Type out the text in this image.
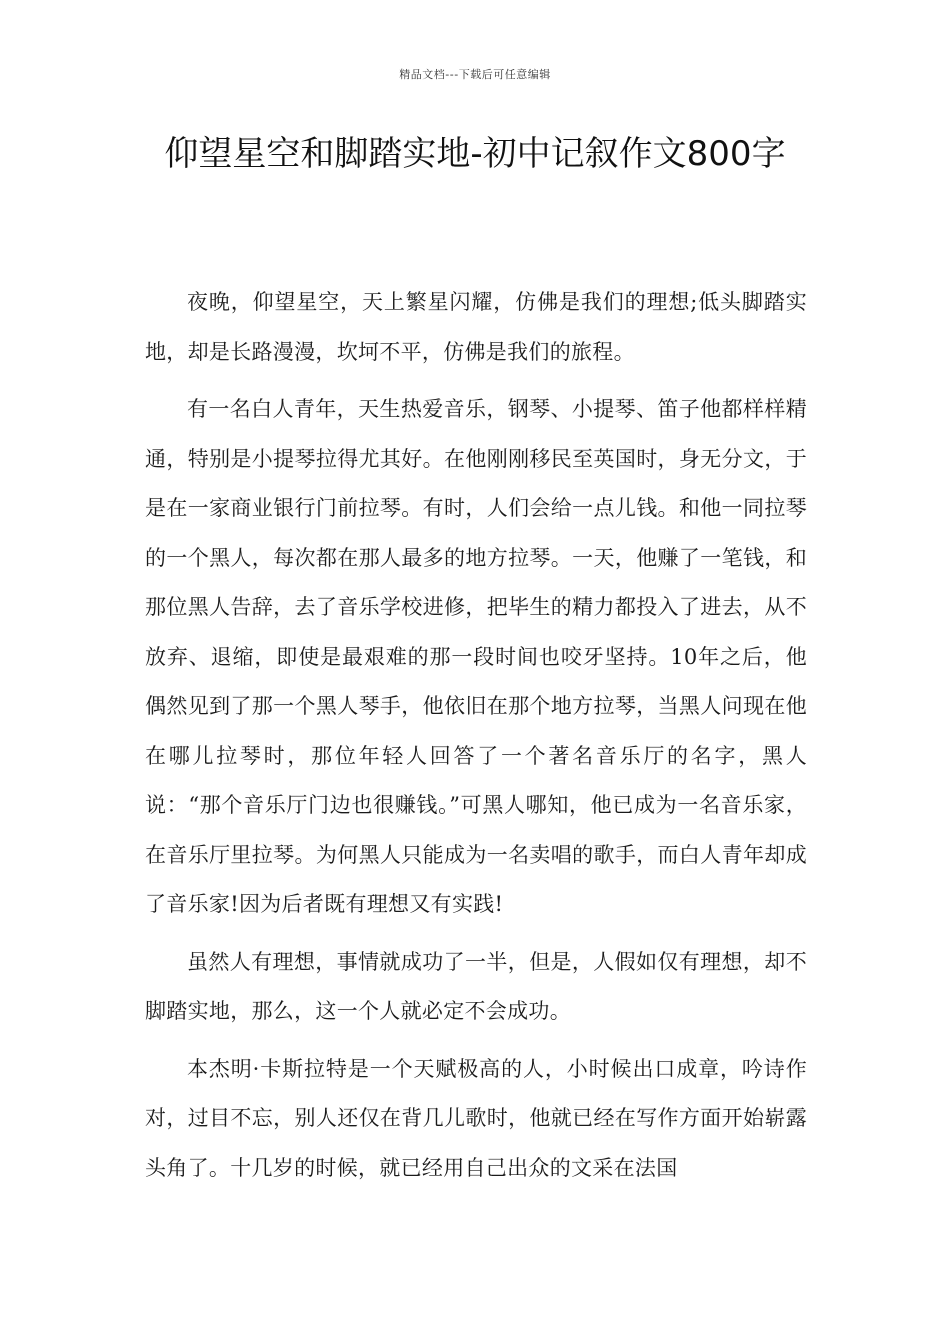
精品文档---下载后可任意编辑
仰望星空和脚踏实地-初中记叙作文800字

夜晚，仰望星空，天上繁星闪耀，仿佛是我们的理想;低头脚踏实地，却是长路漫漫，坎坷不平，仿佛是我们的旅程。

有一名白人青年，天生热爱音乐，钢琴、小提琴、笛子他都样样精通，特别是小提琴拉得尤其好。在他刚刚移民至英国时，身无分文，于是在一家商业银行门前拉琴。有时，人们会给一点儿钱。和他一同拉琴的一个黑人，每次都在那人最多的地方拉琴。一天，他赚了一笔钱，和那位黑人告辞，去了音乐学校进修，把毕生的精力都投入了进去，从不放弃、退缩，即使是最艰难的那一段时间也咬牙坚持。10年之后，他偶然见到了那一个黑人琴手，他依旧在那个地方拉琴，当黑人问现在他在哪儿拉琴时，那位年轻人回答了一个著名音乐厅的名字，黑人说：“那个音乐厅门边也很赚钱。”可黑人哪知，他已成为一名音乐家，在音乐厅里拉琴。为何黑人只能成为一名卖唱的歌手，而白人青年却成了音乐家!因为后者既有理想又有实践!

虽然人有理想，事情就成功了一半，但是，人假如仅有理想，却不脚踏实地，那么，这一个人就必定不会成功。

本杰明·卡斯拉特是一个天赋极高的人，小时候出口成章，吟诗作对，过目不忘，别人还仅在背几儿歌时，他就已经在写作方面开始崭露头角了。十几岁的时候，就已经用自己出众的文采在法国
